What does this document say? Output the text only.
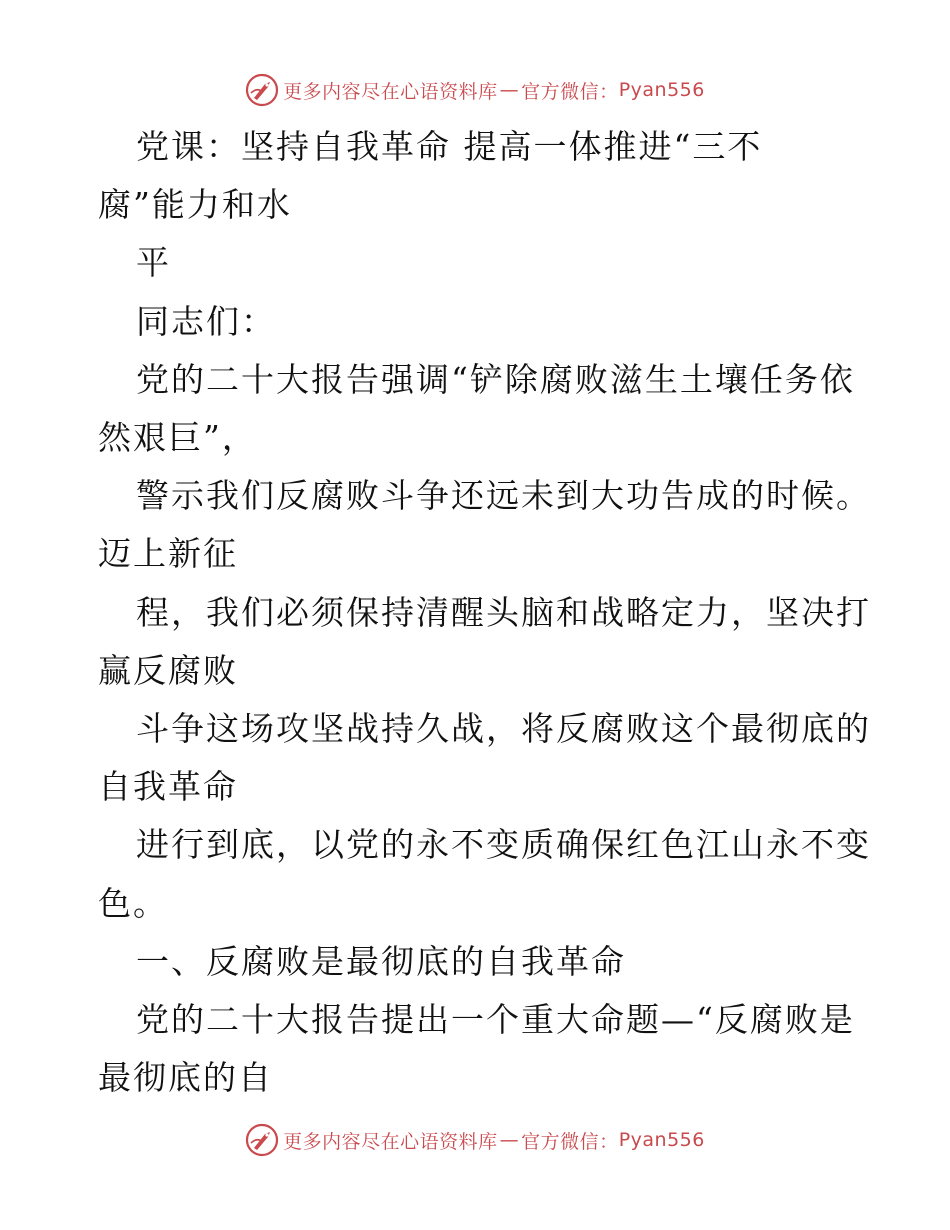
更多内容尽在心语资料库 — 官方微信： Pyan556

党课：坚持自我革命 提高一体推进“三不

腐”能力和水

平

同志们：

党的二十大报告强调“铲除腐败滋生土壤任务依

然艰巨”，

警示我们反腐败斗争还远未到大功告成的时候。

迈上新征

程，我们必须保持清醒头脑和战略定力，坚决打

赢反腐败

斗争这场攻坚战持久战，将反腐败这个最彻底的

自我革命

进行到底，以党的永不变质确保红色江山永不变

色。

一、反腐败是最彻底的自我革命

党的二十大报告提出一个重大命题—“反腐败是

最彻底的自

更多内容尽在心语资料库 — 官方微信： Pyan556
